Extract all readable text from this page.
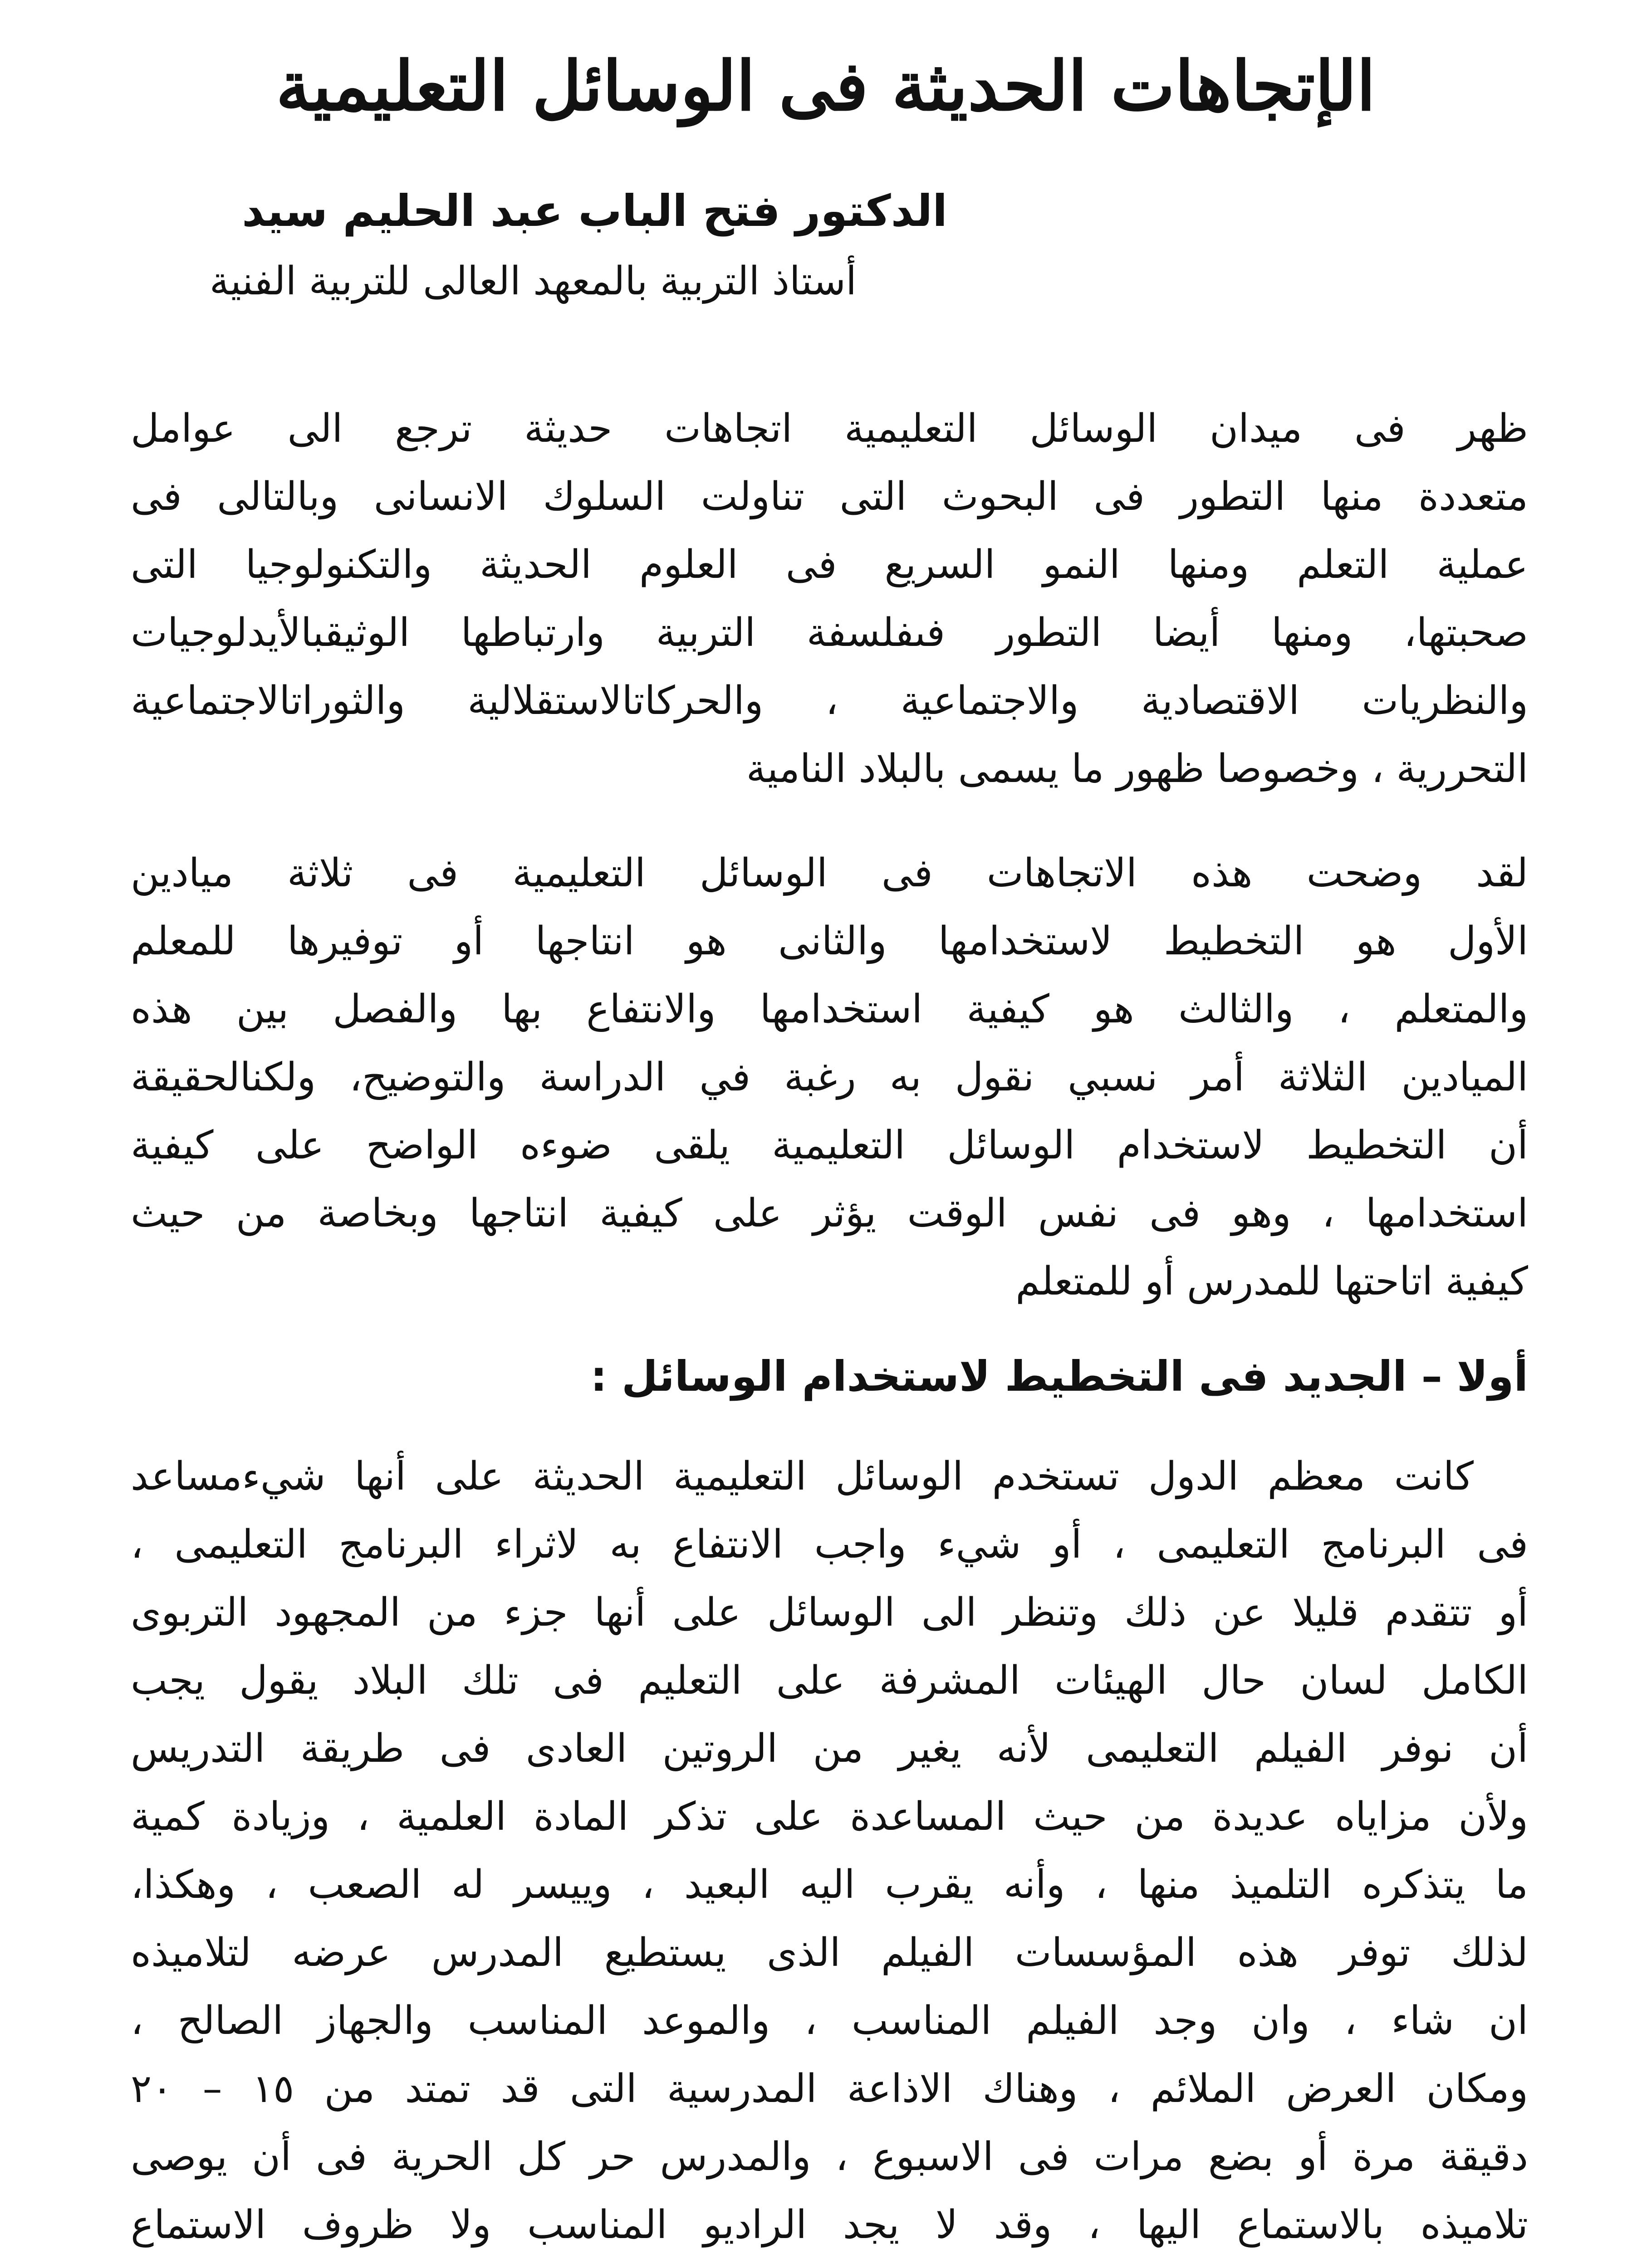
الإتجاهات الحديثة فى الوسائل التعليمية
الدكتور فتح الباب عبد الحليم سيد
أستاذ التربية بالمعهد العالى للتربية الفنية
ظهر فى ميدان الوسائل التعليمية اتجاهات حديثة ترجع الى عوامل
متعددة منها التطور فى البحوث التى تناولت السلوك الانسانى وبالتالى فى
عملية التعلم ومنها النمو السريع فى العلوم الحديثة والتكنولوجيا التى
صحبتها، ومنها أيضا التطور فىفلسفة التربية وارتباطها الوثيقبالأيدلوجيات
والنظريات الاقتصادية والاجتماعية ، والحركاتالاستقلالية والثوراتالاجتماعية
التحررية ، وخصوصا ظهور ما يسمى بالبلاد النامية
لقد وضحت هذه الاتجاهات فى الوسائل التعليمية فى ثلاثة ميادين
الأول هو التخطيط لاستخدامها والثانى هو انتاجها أو توفيرها للمعلم
والمتعلم ، والثالث هو كيفية استخدامها والانتفاع بها والفصل بين هذه
الميادين الثلاثة أمر نسبي نقول به رغبة في الدراسة والتوضيح، ولكنالحقيقة
أن التخطيط لاستخدام الوسائل التعليمية يلقى ضوءه الواضح على كيفية
استخدامها ، وهو فى نفس الوقت يؤثر على كيفية انتاجها وبخاصة من حيث
كيفية اتاحتها للمدرس أو للمتعلم
أولا – الجديد فى التخطيط لاستخدام الوسائل :
كانت معظم الدول تستخدم الوسائل التعليمية الحديثة على أنها شيءمساعد
فى البرنامج التعليمى ، أو شيء واجب الانتفاع به لاثراء البرنامج التعليمى ،
أو تتقدم قليلا عن ذلك وتنظر الى الوسائل على أنها جزء من المجهود التربوى
الكامل لسان حال الهيئات المشرفة على التعليم فى تلك البلاد يقول يجب
أن نوفر الفيلم التعليمى لأنه يغير من الروتين العادى فى طريقة التدريس
ولأن مزاياه عديدة من حيث المساعدة على تذكر المادة العلمية ، وزيادة كمية
ما يتذكره التلميذ منها ، وأنه يقرب اليه البعيد ، وييسر له الصعب ، وهكذا،
لذلك توفر هذه المؤسسات الفيلم الذى يستطيع المدرس عرضه لتلاميذه
ان شاء ، وان وجد الفيلم المناسب ، والموعد المناسب والجهاز الصالح ،
ومكان العرض الملائم ، وهناك الاذاعة المدرسية التى قد تمتد من ١٥ – ٢٠
دقيقة مرة أو بضع مرات فى الاسبوع ، والمدرس حر كل الحرية فى أن يوصى
تلاميذه بالاستماع اليها ، وقد لا يجد الراديو المناسب ولا ظروف الاستماع
